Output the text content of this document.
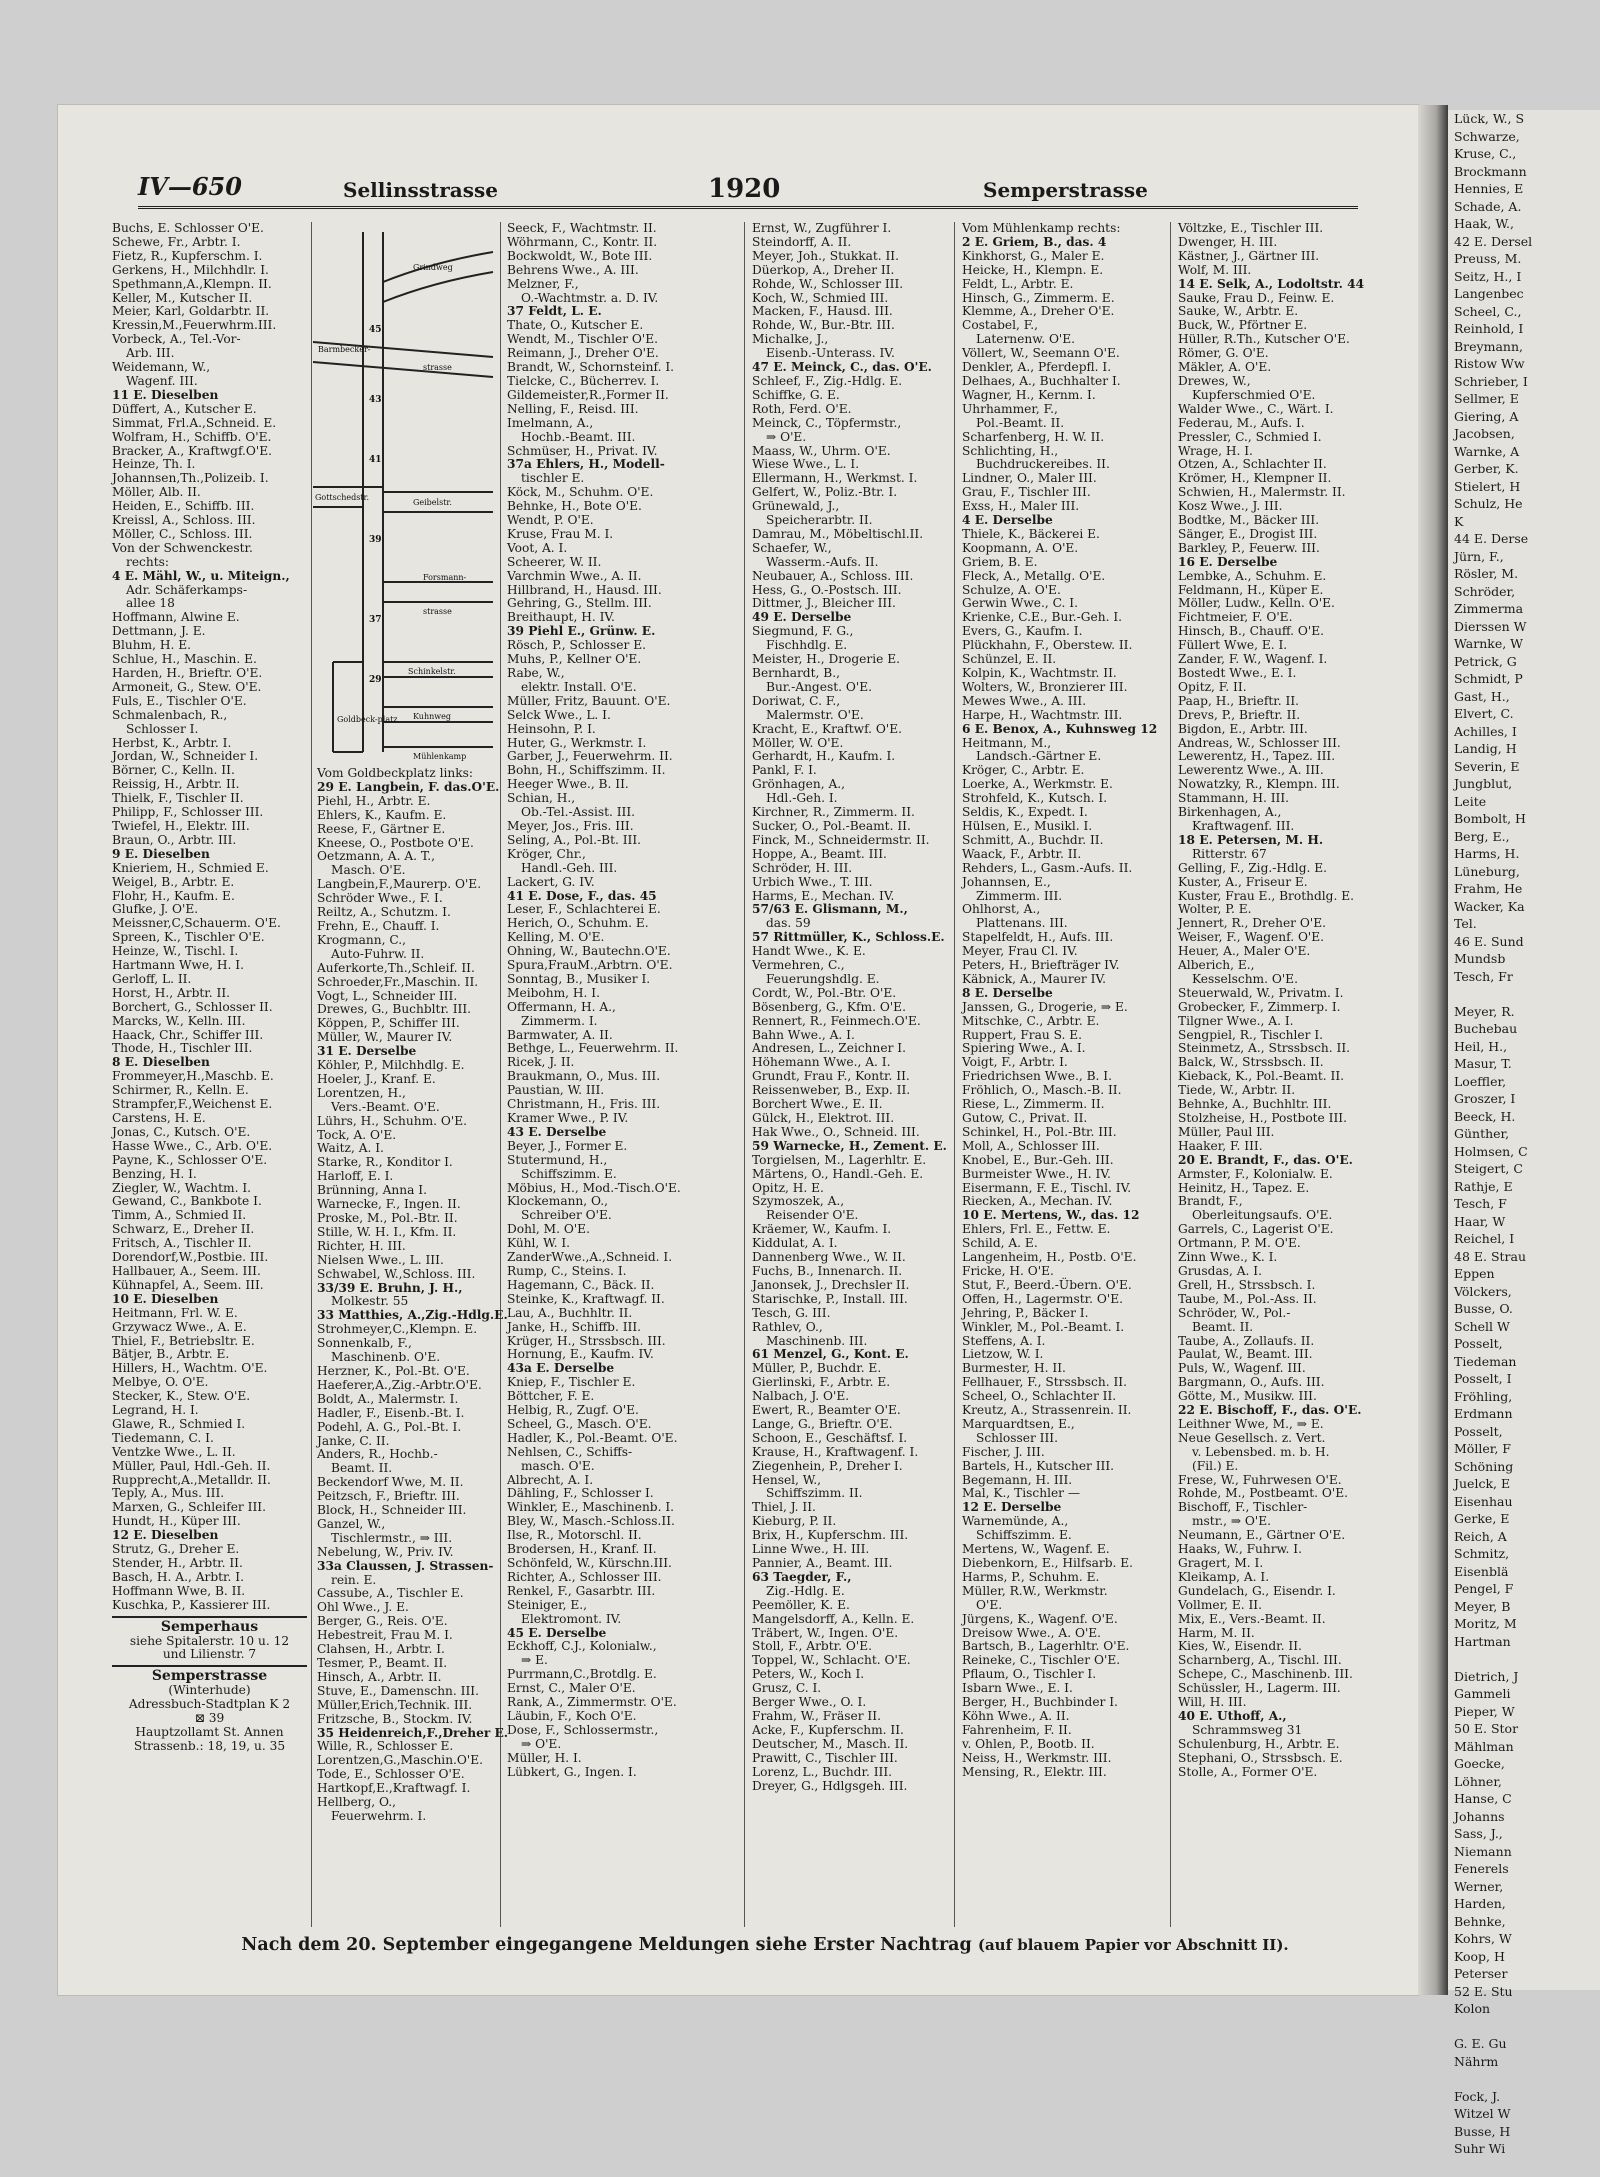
Lück, W., S
Schwarze,
Kruse, C.,
Brockmann
Hennies, E
Schade, A.
Haak, W.,
42 E. Dersel
Preuss, M.
Seitz, H., I
Langenbec
Scheel, C.,
Reinhold, I
Breymann,
Ristow Ww
Schrieber, I
Sellmer, E
Giering, A
Jacobsen,
Warnke, A
Gerber, K.
Stielert, H
Schulz, He
K
44 E. Derse
Jürn, F.,
Rösler, M.
Schröder,
Zimmerma
Dierssen W
Warnke, W
Petrick, G
Schmidt, P
Gast, H.,
Elvert, C.
Achilles, I
Landig, H
Severin, E
Jungblut,
Leite
Bombolt, H
Berg, E.,
Harms, H.
Lüneburg,
Frahm, He
Wacker, Ka
Tel.
46 E. Sund
Mundsb
Tesch, Fr

Meyer, R.
Buchebau
Heil, H.,
Masur, T.
Loeffler,
Groszer, I
Beeck, H.
Günther,
Holmsen, C
Steigert, C
Rathje, E
Tesch, F
Haar, W
Reichel, I
48 E. Strau
Eppen
Völckers,
Busse, O.
Schell W
Posselt,
Tiedeman
Posselt, I
Fröhling,
Erdmann
Posselt,
Möller, F
Schöning
Juelck, E
Eisenhau
Gerke, E
Reich, A
Schmitz,
Eisenblä
Pengel, F
Meyer, B
Moritz, M
Hartman

Dietrich, J
Gammeli
Pieper, W
50 E. Stor
Mählman
Goecke,
Löhner,
Hanse, C
Johanns
Sass, J.,
Niemann
Fenerels
Werner,
Harden,
Behnke,
Kohrs, W
Koop, H
Peterser
52 E. Stu
Kolon

G. E. Gu
Nährm

Fock, J.
Witzel W
Busse, H
Suhr Wi
IV—650	Sellinsstrasse	1920	Semperstrasse
Grindweg
Barmbecker-
strasse
Gottschedstr.
Geibelstr.
Forsmann-
strasse
Schinkelstr.
Goldbeck-platz Kuhnweg
Mühlenkamp
29
37
39
41
43
45
Buchs, E. Schlosser O'E.
Schewe, Fr., Arbtr. I.
Fietz, R., Kupferschm. I.
Gerkens, H., Milchhdlr. I.
Spethmann,A.,Klempn. II.
Keller, M., Kutscher II.
Meier, Karl, Goldarbtr. II.
Kressin,M.,Feuerwhrm.III.
Vorbeck, A., Tel.-Vor-
Arb. III.
Weidemann, W.,
Wagenf. III.
11 E. Dieselben
Düffert, A., Kutscher E.
Simmat, Frl.A.,Schneid. E.
Wolfram, H., Schiffb. O'E.
Bracker, A., Kraftwgf.O'E.
Heinze, Th. I.
Johannsen,Th.,Polizeib. I.
Möller, Alb. II.
Heiden, E., Schiffb. III.
Kreissl, A., Schloss. III.
Möller, C., Schloss. III.
Von der Schwenckestr.
rechts:
4 E. Mähl, W., u. Miteign.,
Adr. Schäferkamps-
allee 18
Hoffmann, Alwine E.
Dettmann, J. E.
Bluhm, H. E.
Schlue, H., Maschin. E.
Harden, H., Brieftr. O'E.
Armoneit, G., Stew. O'E.
Fuls, E., Tischler O'E.
Schmalenbach, R.,
Schlosser I.
Herbst, K., Arbtr. I.
Jordan, W., Schneider I.
Börner, C., Kelln. II.
Reissig, H., Arbtr. II.
Thielk, F., Tischler II.
Philipp, F., Schlosser III.
Twiefel, H., Elektr. III.
Braun, O., Arbtr. III.
9 E. Dieselben
Knieriem, H., Schmied E.
Weigel, B., Arbtr. E.
Flohr, H., Kaufm. E.
Glufke, J. O'E.
Meissner,C,Schauerm. O'E.
Spreen, K., Tischler O'E.
Heinze, W., Tischl. I.
Hartmann Wwe, H. I.
Gerloff, L. II.
Horst, H., Arbtr. II.
Borchert, G., Schlosser II.
Marcks, W., Kelln. III.
Haack, Chr., Schiffer III.
Thode, H., Tischler III.
8 E. Dieselben
Frommeyer,H.,Maschb. E.
Schirmer, R., Kelln. E.
Strampfer,F.,Weichenst E.
Carstens, H. E.
Jonas, C., Kutsch. O'E.
Hasse Wwe., C., Arb. O'E.
Payne, K., Schlosser O'E.
Benzing, H. I.
Ziegler, W., Wachtm. I.
Gewand, C., Bankbote I.
Timm, A., Schmied II.
Schwarz, E., Dreher II.
Fritsch, A., Tischler II.
Dorendorf,W.,Postbie. III.
Hallbauer, A., Seem. III.
Kühnapfel, A., Seem. III.
10 E. Dieselben
Heitmann, Frl. W. E.
Grzywacz Wwe., A. E.
Thiel, F., Betriebsltr. E.
Bätjer, B., Arbtr. E.
Hillers, H., Wachtm. O'E.
Melbye, O. O'E.
Stecker, K., Stew. O'E.
Legrand, H. I.
Glawe, R., Schmied I.
Tiedemann, C. I.
Ventzke Wwe., L. II.
Müller, Paul, Hdl.-Geh. II.
Rupprecht,A.,Metalldr. II.
Teply, A., Mus. III.
Marxen, G., Schleifer III.
Hundt, H., Küper III.
12 E. Dieselben
Strutz, G., Dreher E.
Stender, H., Arbtr. II.
Basch, H. A., Arbtr. I.
Hoffmann Wwe, B. II.
Kuschka, P., Kassierer III.
Semperhaus
siehe Spitalerstr. 10 u. 12
und Lilienstr. 7
Semperstrasse
(Winterhude)
Adressbuch-Stadtplan K 2
⊠ 39
Hauptzollamt St. Annen
Strassenb.: 18, 19, u. 35
Vom Goldbeckplatz links:
29 E. Langbein, F. das.O'E.
Piehl, H., Arbtr. E.
Ehlers, K., Kaufm. E.
Reese, F., Gärtner E.
Kneese, O., Postbote O'E.
Oetzmann, A. A. T.,
Masch. O'E.
Langbein,F.,Maurerp. O'E.
Schröder Wwe., F. I.
Reiltz, A., Schutzm. I.
Frehn, E., Chauff. I.
Krogmann, C.,
Auto-Fuhrw. II.
Auferkorte,Th.,Schleif. II.
Schroeder,Fr.,Maschin. II.
Vogt, L., Schneider III.
Drewes, G., Buchbltr. III.
Köppen, P., Schiffer III.
Müller, W., Maurer IV.
31 E. Derselbe
Köhler, P., Milchhdlg. E.
Hoeler, J., Kranf. E.
Lorentzen, H.,
Vers.-Beamt. O'E.
Lührs, H., Schuhm. O'E.
Tock, A. O'E.
Waitz, A. I.
Starke, R., Konditor I.
Harloff, E. I.
Brünning, Anna I.
Warnecke, F., Ingen. II.
Proske, M., Pol.-Btr. II.
Stille, W. H. I., Kfm. II.
Richter, H. III.
Nielsen Wwe., L. III.
Schwabel, W.,Schloss. III.
33/39 E. Bruhn, J. H.,
Molkestr. 55
33 Matthies, A.,Zig.-Hdlg.E.
Strohmeyer,C.,Klempn. E.
Sonnenkalb, F.,
Maschinenb. O'E.
Herzner, K., Pol.-Bt. O'E.
Haeferer,A.,Zig.-Arbtr.O'E.
Boldt, A., Malermstr. I.
Hadler, F., Eisenb.-Bt. I.
Podehl, A. G., Pol.-Bt. I.
Janke, C. II.
Anders, R., Hochb.-
Beamt. II.
Beckendorf Wwe, M. II.
Peitzsch, F., Brieftr. III.
Block, H., Schneider III.
Ganzel, W.,
Tischlermstr., ⇒ III.
Nebelung, W., Priv. IV.
33a Claussen, J. Strassen-
rein. E.
Cassube, A., Tischler E.
Ohl Wwe., J. E.
Berger, G., Reis. O'E.
Hebestreit, Frau M. I.
Clahsen, H., Arbtr. I.
Tesmer, P., Beamt. II.
Hinsch, A., Arbtr. II.
Stuve, E., Damenschn. III.
Müller,Erich,Technik. III.
Fritzsche, B., Stockm. IV.
35 Heidenreich,F.,Dreher E.
Wille, R., Schlosser E.
Lorentzen,G.,Maschin.O'E.
Tode, E., Schlosser O'E.
Hartkopf,E.,Kraftwagf. I.
Hellberg, O.,
Feuerwehrm. I.
Seeck, F., Wachtmstr. II.
Wöhrmann, C., Kontr. II.
Bockwoldt, W., Bote III.
Behrens Wwe., A. III.
Melzner, F.,
O.-Wachtmstr. a. D. IV.
37 Feldt, L. E.
Thate, O., Kutscher E.
Wendt, M., Tischler O'E.
Reimann, J., Dreher O'E.
Brandt, W., Schornsteinf. I.
Tielcke, C., Bücherrev. I.
Gildemeister,R.,Former II.
Nelling, F., Reisd. III.
Imelmann, A.,
Hochb.-Beamt. III.
Schmüser, H., Privat. IV.
37a Ehlers, H., Modell-
tischler E.
Köck, M., Schuhm. O'E.
Behnke, H., Bote O'E.
Wendt, P. O'E.
Kruse, Frau M. I.
Voot, A. I.
Scheerer, W. II.
Varchmin Wwe., A. II.
Hillbrand, H., Hausd. III.
Gehring, G., Stellm. III.
Breithaupt, H. IV.
39 Piehl E., Grünw. E.
Rösch, P., Schlosser E.
Muhs, P., Kellner O'E.
Rabe, W.,
elektr. Install. O'E.
Müller, Fritz, Bauunt. O'E.
Selck Wwe., L. I.
Heinsohn, P. I.
Huter, G., Werkmstr. I.
Garber, J., Feuerwehrm. II.
Bohn, H., Schiffszimm. II.
Heeger Wwe., B. II.
Schian, H.,
Ob.-Tel.-Assist. III.
Meyer, Jos., Fris. III.
Seling, A., Pol.-Bt. III.
Kröger, Chr.,
Handl.-Geh. III.
Lackert, G. IV.
41 E. Dose, F., das. 45
Leser, F., Schlachterei E.
Herich, O., Schuhm. E.
Kelling, M. O'E.
Ohning, W., Bautechn.O'E.
Spura,FrauM.,Arbtrn. O'E.
Sonntag, B., Musiker I.
Meibohm, H. I.
Offermann, H. A.,
Zimmerm. I.
Barmwater, A. II.
Bethge, L., Feuerwehrm. II.
Ricek, J. II.
Braukmann, O., Mus. III.
Paustian, W. III.
Christmann, H., Fris. III.
Kramer Wwe., P. IV.
43 E. Derselbe
Beyer, J., Former E.
Stutermund, H.,
Schiffszimm. E.
Möbius, H., Mod.-Tisch.O'E.
Klockemann, O.,
Schreiber O'E.
Dohl, M. O'E.
Kühl, W. I.
ZanderWwe.,A.,Schneid. I.
Rump, C., Steins. I.
Hagemann, C., Bäck. II.
Steinke, K., Kraftwagf. II.
Lau, A., Buchhltr. II.
Janke, H., Schiffb. III.
Krüger, H., Strssbsch. III.
Hornung, E., Kaufm. IV.
43a E. Derselbe
Kniep, F., Tischler E.
Böttcher, F. E.
Helbig, R., Zugf. O'E.
Scheel, G., Masch. O'E.
Hadler, K., Pol.-Beamt. O'E.
Nehlsen, C., Schiffs-
masch. O'E.
Albrecht, A. I.
Dähling, F., Schlosser I.
Winkler, E., Maschinenb. I.
Bley, W., Masch.-Schloss.II.
Ilse, R., Motorschl. II.
Brodersen, H., Kranf. II.
Schönfeld, W., Kürschn.III.
Richter, A., Schlosser III.
Renkel, F., Gasarbtr. III.
Steiniger, E.,
Elektromont. IV.
45 E. Derselbe
Eckhoff, C.J., Kolonialw.,
⇒ E.
Purrmann,C.,Brotdlg. E.
Ernst, C., Maler O'E.
Rank, A., Zimmermstr. O'E.
Läubin, F., Koch O'E.
Dose, F., Schlossermstr.,
⇒ O'E.
Müller, H. I.
Lübkert, G., Ingen. I.
Ernst, W., Zugführer I.
Steindorff, A. II.
Meyer, Joh., Stukkat. II.
Düerkop, A., Dreher II.
Rohde, W., Schlosser III.
Koch, W., Schmied III.
Macken, F., Hausd. III.
Rohde, W., Bur.-Btr. III.
Michalke, J.,
Eisenb.-Unterass. IV.
47 E. Meinck, C., das. O'E.
Schleef, F., Zig.-Hdlg. E.
Schiffke, G. E.
Roth, Ferd. O'E.
Meinck, C., Töpfermstr.,
⇒ O'E.
Maass, W., Uhrm. O'E.
Wiese Wwe., L. I.
Ellermann, H., Werkmst. I.
Gelfert, W., Poliz.-Btr. I.
Grünewald, J.,
Speicherarbtr. II.
Damrau, M., Möbeltischl.II.
Schaefer, W.,
Wasserm.-Aufs. II.
Neubauer, A., Schloss. III.
Hess, G., O.-Postsch. III.
Dittmer, J., Bleicher III.
49 E. Derselbe
Siegmund, F. G.,
Fischhdlg. E.
Meister, H., Drogerie E.
Bernhardt, B.,
Bur.-Angest. O'E.
Doriwat, C. F.,
Malermstr. O'E.
Kracht, E., Kraftwf. O'E.
Möller, W. O'E.
Gerhardt, H., Kaufm. I.
Pankl, F. I.
Grönhagen, A.,
Hdl.-Geh. I.
Kirchner, R., Zimmerm. II.
Sucker, O., Pol.-Beamt. II.
Finck, M., Schneidermstr. II.
Hoppe, A., Beamt. III.
Schröder, H. III.
Urbich Wwe., T. III.
Harms, E., Mechan. IV.
57/63 E. Glismann, M.,
das. 59
57 Rittmüller, K., Schloss.E.
Handt Wwe., K. E.
Vermehren, C.,
Feuerungshdlg. E.
Cordt, W., Pol.-Btr. O'E.
Bösenberg, G., Kfm. O'E.
Rennert, R., Feinmech.O'E.
Bahn Wwe., A. I.
Andresen, L., Zeichner I.
Höhemann Wwe., A. I.
Grundt, Frau F., Kontr. II.
Reissenweber, B., Exp. II.
Borchert Wwe., E. II.
Gülck, H., Elektrot. III.
Hak Wwe., O., Schneid. III.
59 Warnecke, H., Zement. E.
Torgielsen, M., Lagerhltr. E.
Märtens, O., Handl.-Geh. E.
Opitz, H. E.
Szymoszek, A.,
Reisender O'E.
Kräemer, W., Kaufm. I.
Kiddulat, A. I.
Dannenberg Wwe., W. II.
Fuchs, B., Innenarch. II.
Janonsek, J., Drechsler II.
Starischke, P., Install. III.
Tesch, G. III.
Rathlev, O.,
Maschinenb. III.
61 Menzel, G., Kont. E.
Müller, P., Buchdr. E.
Gierlinski, F., Arbtr. E.
Nalbach, J. O'E.
Ewert, R., Beamter O'E.
Lange, G., Brieftr. O'E.
Schoon, E., Geschäftsf. I.
Krause, H., Kraftwagenf. I.
Ziegenhein, P., Dreher I.
Hensel, W.,
Schiffszimm. II.
Thiel, J. II.
Kieburg, P. II.
Brix, H., Kupferschm. III.
Linne Wwe., H. III.
Pannier, A., Beamt. III.
63 Taegder, F.,
Zig.-Hdlg. E.
Peemöller, K. E.
Mangelsdorff, A., Kelln. E.
Träbert, W., Ingen. O'E.
Stoll, F., Arbtr. O'E.
Toppel, W., Schlacht. O'E.
Peters, W., Koch I.
Grusz, C. I.
Berger Wwe., O. I.
Frahm, W., Fräser II.
Acke, F., Kupferschm. II.
Deutscher, M., Masch. II.
Prawitt, C., Tischler III.
Lorenz, L., Buchdr. III.
Dreyer, G., Hdlgsgeh. III.
Vom Mühlenkamp rechts:
2 E. Griem, B., das. 4
Kinkhorst, G., Maler E.
Heicke, H., Klempn. E.
Feldt, L., Arbtr. E.
Hinsch, G., Zimmerm. E.
Klemme, A., Dreher O'E.
Costabel, F.,
Laternenw. O'E.
Völlert, W., Seemann O'E.
Denkler, A., Pferdepfl. I.
Delhaes, A., Buchhalter I.
Wagner, H., Kernm. I.
Uhrhammer, F.,
Pol.-Beamt. II.
Scharfenberg, H. W. II.
Schlichting, H.,
Buchdruckereibes. II.
Lindner, O., Maler III.
Grau, F., Tischler III.
Exss, H., Maler III.
4 E. Derselbe
Thiele, K., Bäckerei E.
Koopmann, A. O'E.
Griem, B. E.
Fleck, A., Metallg. O'E.
Schulze, A. O'E.
Gerwin Wwe., C. I.
Krienke, C.E., Bur.-Geh. I.
Evers, G., Kaufm. I.
Plückhahn, F., Oberstew. II.
Schünzel, E. II.
Kolpin, K., Wachtmstr. II.
Wolters, W., Bronzierer III.
Mewes Wwe., A. III.
Harpe, H., Wachtmstr. III.
6 E. Benox, A., Kuhnsweg 12
Heitmann, M.,
Landsch.-Gärtner E.
Kröger, C., Arbtr. E.
Loerke, A., Werkmstr. E.
Strohfeld, K., Kutsch. I.
Seldis, K., Expedt. I.
Hülsen, E., Musikl. I.
Schmitt, A., Buchdr. II.
Waack, F., Arbtr. II.
Rehders, L., Gasm.-Aufs. II.
Johannsen, E.,
Zimmerm. III.
Ohlhorst, A.,
Plattenans. III.
Stapelfeldt, H., Aufs. III.
Meyer, Frau Cl. IV.
Peters, H., Briefträger IV.
Käbnick, A., Maurer IV.
8 E. Derselbe
Janssen, G., Drogerie, ⇒ E.
Mitschke, C., Arbtr. E.
Ruppert, Frau S. E.
Spiering Wwe., A. I.
Voigt, F., Arbtr. I.
Friedrichsen Wwe., B. I.
Fröhlich, O., Masch.-B. II.
Riese, L., Zimmerm. II.
Gutow, C., Privat. II.
Schinkel, H., Pol.-Btr. III.
Moll, A., Schlosser III.
Knobel, E., Bur.-Geh. III.
Burmeister Wwe., H. IV.
Eisermann, F. E., Tischl. IV.
Riecken, A., Mechan. IV.
10 E. Mertens, W., das. 12
Ehlers, Frl. E., Fettw. E.
Schild, A. E.
Langenheim, H., Postb. O'E.
Fricke, H. O'E.
Stut, F., Beerd.-Übern. O'E.
Offen, H., Lagermstr. O'E.
Jehring, P., Bäcker I.
Winkler, M., Pol.-Beamt. I.
Steffens, A. I.
Lietzow, W. I.
Burmester, H. II.
Fellhauer, F., Strssbsch. II.
Scheel, O., Schlachter II.
Kreutz, A., Strassenrein. II.
Marquardtsen, E.,
Schlosser III.
Fischer, J. III.
Bartels, H., Kutscher III.
Begemann, H. III.
Mal, K., Tischler —
12 E. Derselbe
Warnemünde, A.,
Schiffszimm. E.
Mertens, W., Wagenf. E.
Diebenkorn, E., Hilfsarb. E.
Harms, P., Schuhm. E.
Müller, R.W., Werkmstr.
O'E.
Jürgens, K., Wagenf. O'E.
Dreisow Wwe., A. O'E.
Bartsch, B., Lagerhltr. O'E.
Reineke, C., Tischler O'E.
Pflaum, O., Tischler I.
Isbarn Wwe., E. I.
Berger, H., Buchbinder I.
Köhn Wwe., A. II.
Fahrenheim, F. II.
v. Ohlen, P., Bootb. II.
Neiss, H., Werkmstr. III.
Mensing, R., Elektr. III.
Völtzke, E., Tischler III.
Dwenger, H. III.
Kästner, J., Gärtner III.
Wolf, M. III.
14 E. Selk, A., Lodoltstr. 44
Sauke, Frau D., Feinw. E.
Sauke, W., Arbtr. E.
Buck, W., Pförtner E.
Hüller, R.Th., Kutscher O'E.
Römer, G. O'E.
Mäkler, A. O'E.
Drewes, W.,
Kupferschmied O'E.
Walder Wwe., C., Wärt. I.
Federau, M., Aufs. I.
Pressler, C., Schmied I.
Wrage, H. I.
Otzen, A., Schlachter II.
Krömer, H., Klempner II.
Schwien, H., Malermstr. II.
Kosz Wwe., J. III.
Bodtke, M., Bäcker III.
Sänger, E., Drogist III.
Barkley, P., Feuerw. III.
16 E. Derselbe
Lembke, A., Schuhm. E.
Feldmann, H., Küper E.
Möller, Ludw., Kelln. O'E.
Fichtmeier, F. O'E.
Hinsch, B., Chauff. O'E.
Füllert Wwe, E. I.
Zander, F. W., Wagenf. I.
Bostedt Wwe., E. I.
Opitz, F. II.
Paap, H., Brieftr. II.
Drevs, P., Brieftr. II.
Bigdon, E., Arbtr. III.
Andreas, W., Schlosser III.
Lewerentz, H., Tapez. III.
Lewerentz Wwe., A. III.
Nowatzky, R., Klempn. III.
Stammann, H. III.
Birkenhagen, A.,
Kraftwagenf. III.
18 E. Petersen, M. H.
Ritterstr. 67
Gelling, F., Zig.-Hdlg. E.
Kuster, A., Friseur E.
Kuster, Frau E., Brothdlg. E.
Wolter, P. E.
Jennert, R., Dreher O'E.
Weiser, F., Wagenf. O'E.
Heuer, A., Maler O'E.
Alberich, E.,
Kesselschm. O'E.
Steuerwald, W., Privatm. I.
Grobecker, F., Zimmerp. I.
Tilgner Wwe., A. I.
Sengpiel, R., Tischler I.
Steinmetz, A., Strssbsch. II.
Balck, W., Strssbsch. II.
Kieback, K., Pol.-Beamt. II.
Tiede, W., Arbtr. II.
Behnke, A., Buchhltr. III.
Stolzheise, H., Postbote III.
Müller, Paul III.
Haaker, F. III.
20 E. Brandt, F., das. O'E.
Armster, F., Kolonialw. E.
Heinitz, H., Tapez. E.
Brandt, F.,
Oberleitungsaufs. O'E.
Garrels, C., Lagerist O'E.
Ortmann, P. M. O'E.
Zinn Wwe., K. I.
Grusdas, A. I.
Grell, H., Strssbsch. I.
Taube, M., Pol.-Ass. II.
Schröder, W., Pol.-
Beamt. II.
Taube, A., Zollaufs. II.
Paulat, W., Beamt. III.
Puls, W., Wagenf. III.
Bargmann, O., Aufs. III.
Götte, M., Musikw. III.
22 E. Bischoff, F., das. O'E.
Leithner Wwe, M., ⇒ E.
Neue Gesellsch. z. Vert.
v. Lebensbed. m. b. H.
(Fil.) E.
Frese, W., Fuhrwesen O'E.
Rohde, M., Postbeamt. O'E.
Bischoff, F., Tischler-
mstr., ⇒ O'E.
Neumann, E., Gärtner O'E.
Haaks, W., Fuhrw. I.
Gragert, M. I.
Kleikamp, A. I.
Gundelach, G., Eisendr. I.
Vollmer, E. II.
Mix, E., Vers.-Beamt. II.
Harm, M. II.
Kies, W., Eisendr. II.
Scharnberg, A., Tischl. III.
Schepe, C., Maschinenb. III.
Schüssler, H., Lagerm. III.
Will, H. III.
40 E. Uthoff, A.,
Schrammsweg 31
Schulenburg, H., Arbtr. E.
Stephani, O., Strssbsch. E.
Stolle, A., Former O'E.
Nach dem 20. September eingegangene Meldungen siehe Erster Nachtrag (auf blauem Papier vor Abschnitt II).
